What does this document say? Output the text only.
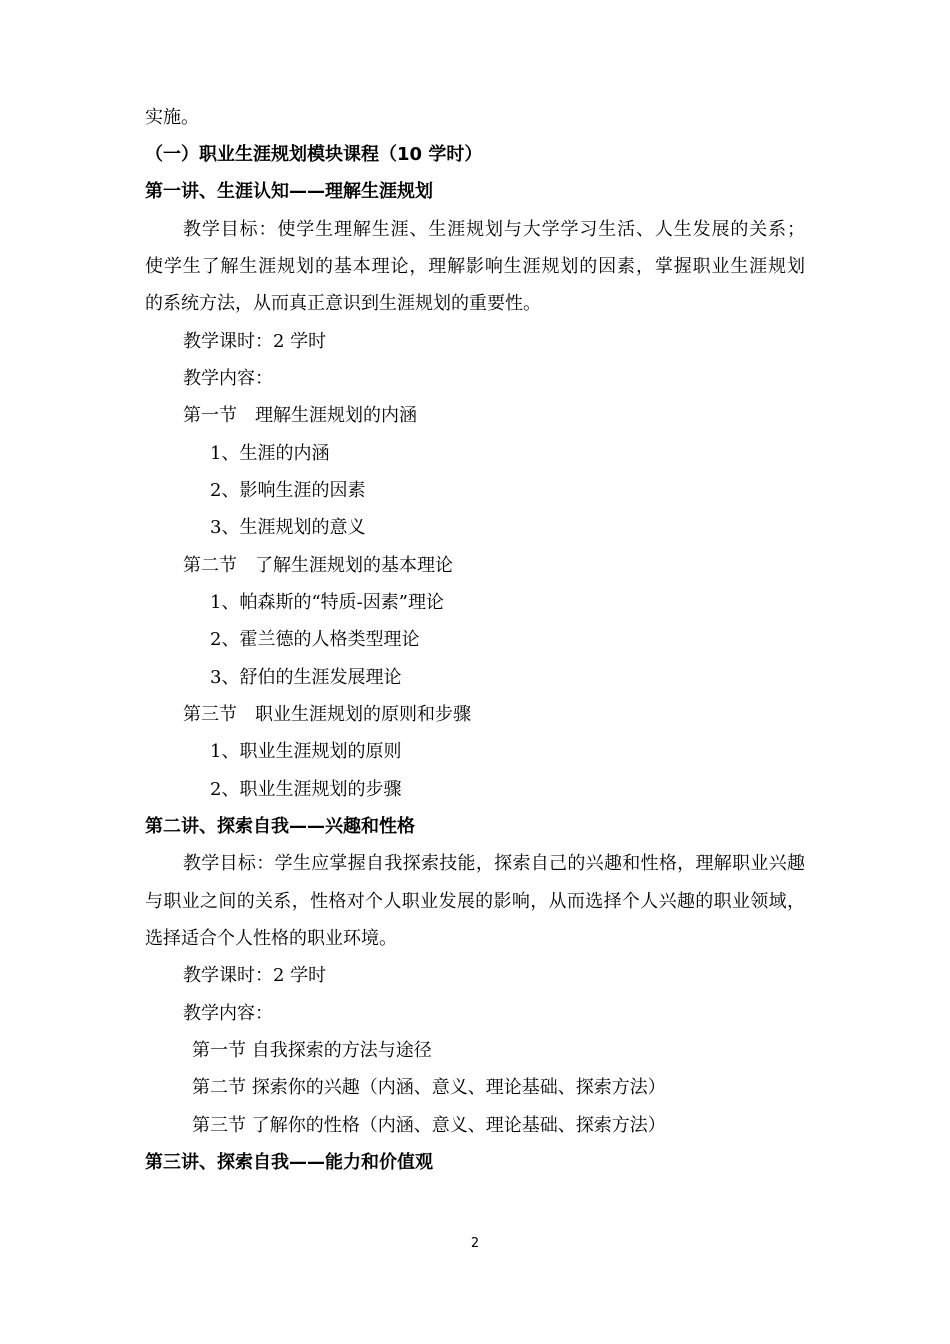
实施。
（一）职业生涯规划模块课程（10 学时）
第一讲、生涯认知——理解生涯规划
教学目标：使学生理解生涯、生涯规划与大学学习生活、人生发展的关系；
使学生了解生涯规划的基本理论，理解影响生涯规划的因素，掌握职业生涯规划
的系统方法，从而真正意识到生涯规划的重要性。
教学课时：2 学时
教学内容：
第一节　理解生涯规划的内涵
1、生涯的内涵
2、影响生涯的因素
3、生涯规划的意义
第二节　了解生涯规划的基本理论
1、帕森斯的“特质-因素”理论
2、霍兰德的人格类型理论
3、舒伯的生涯发展理论
第三节　职业生涯规划的原则和步骤
1、职业生涯规划的原则
2、职业生涯规划的步骤
第二讲、探索自我——兴趣和性格
教学目标：学生应掌握自我探索技能，探索自己的兴趣和性格，理解职业兴趣
与职业之间的关系，性格对个人职业发展的影响，从而选择个人兴趣的职业领域，
选择适合个人性格的职业环境。
教学课时：2 学时
教学内容：
第一节 自我探索的方法与途径
第二节 探索你的兴趣（内涵、意义、理论基础、探索方法）
第三节 了解你的性格（内涵、意义、理论基础、探索方法）
第三讲、探索自我——能力和价值观
2
